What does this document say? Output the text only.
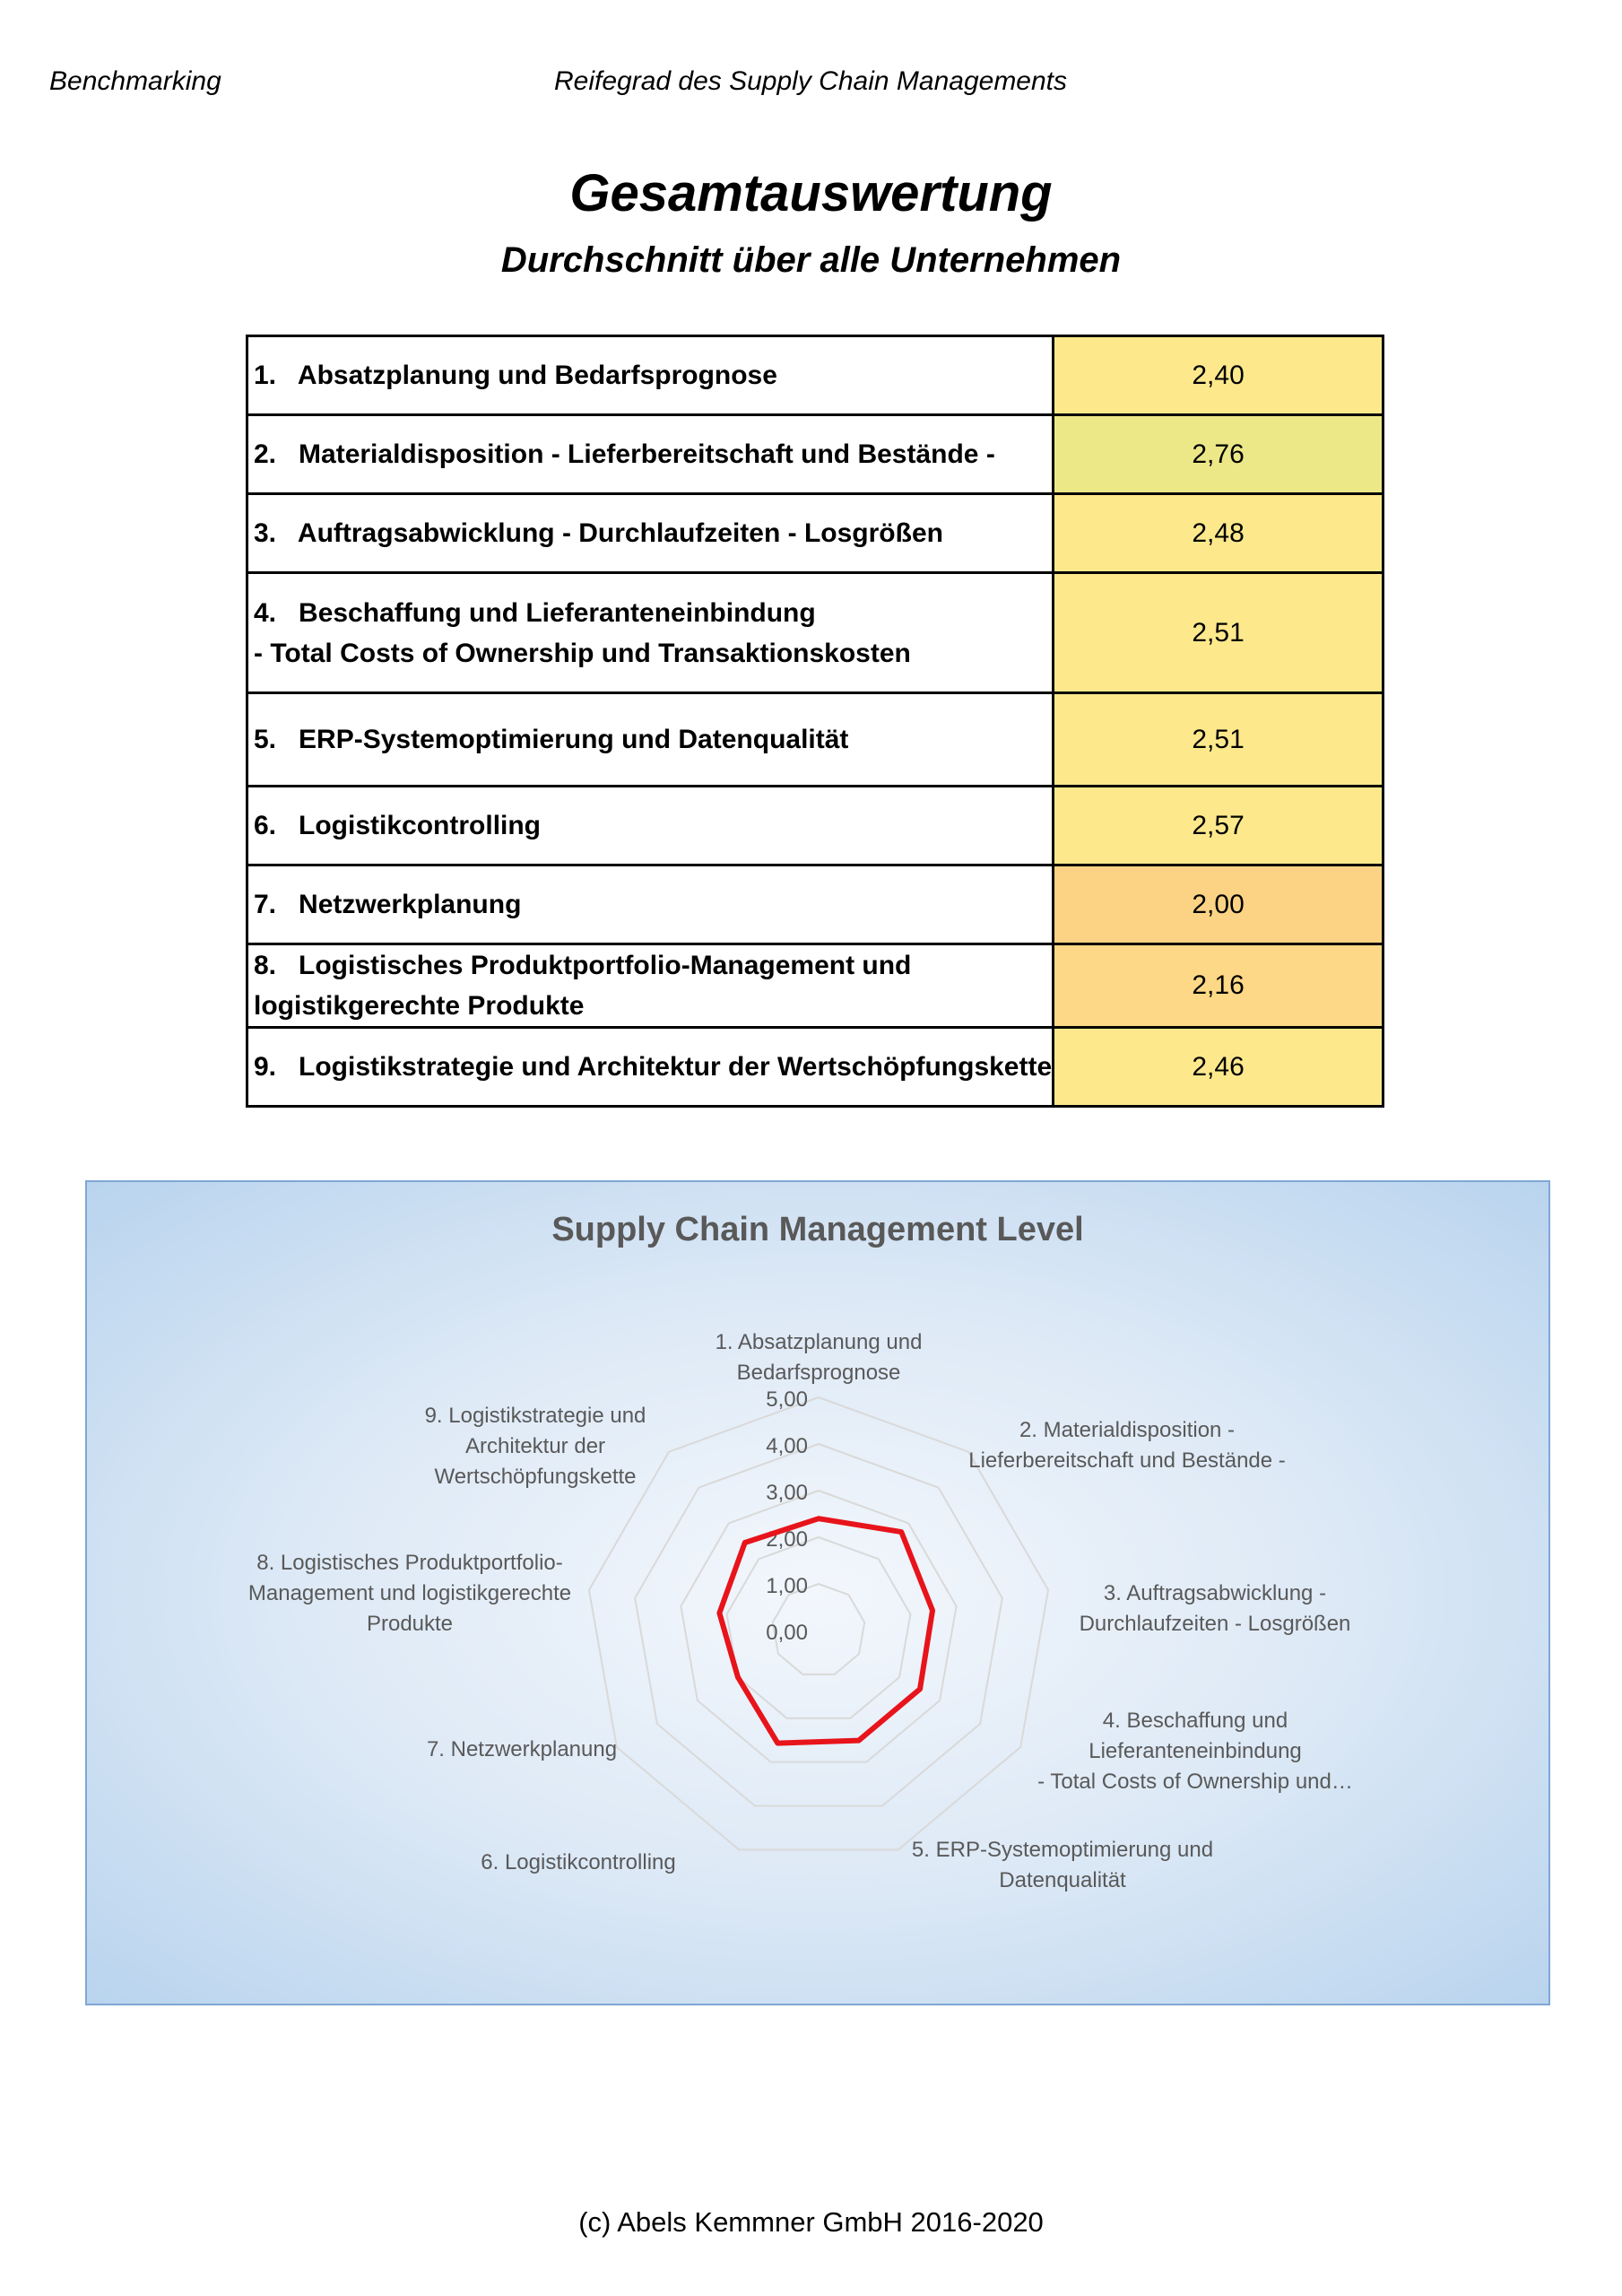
Benchmarking	Reifegrad des Supply Chain Managements
Gesamtauswertung
Durchschnitt über alle Unternehmen
1.   Absatzplanung und Bedarfsprognose	2,40

2.   Materialdisposition - Lieferbereitschaft und Bestände -	2,76

3.   Auftragsabwicklung - Durchlaufzeiten - Losgrößen	2,48

4.   Beschaffung und Lieferanteneinbindung
- Total Costs of Ownership und Transaktionskosten	2,51

5.   ERP-Systemoptimierung und Datenqualität	2,51

6.   Logistikcontrolling	2,57

7.   Netzwerkplanung	2,00

8.   Logistisches Produktportfolio-Management und
logistikgerechte Produkte	2,16

9.   Logistikstrategie und Architektur der Wertschöpfungskette	2,46
Supply Chain Management Level
0,00
1,00
2,00
3,00
4,00
5,00
1. Absatzplanung und Bedarfsprognose
2. Materialdisposition -Lieferbereitschaft und Bestände -
3. Auftragsabwicklung -Durchlaufzeiten - Losgrößen
4. Beschaffung und Lieferanteneinbindung - Total Costs of Ownership und…
5. ERP-Systemoptimierung und Datenqualität
6. Logistikcontrolling
7. Netzwerkplanung
8. Logistisches Produktportfolio-Management und logistikgerechte Produkte
9. Logistikstrategie und Architektur der Wertschöpfungskette
(c) Abels Kemmner GmbH 2016-2020
